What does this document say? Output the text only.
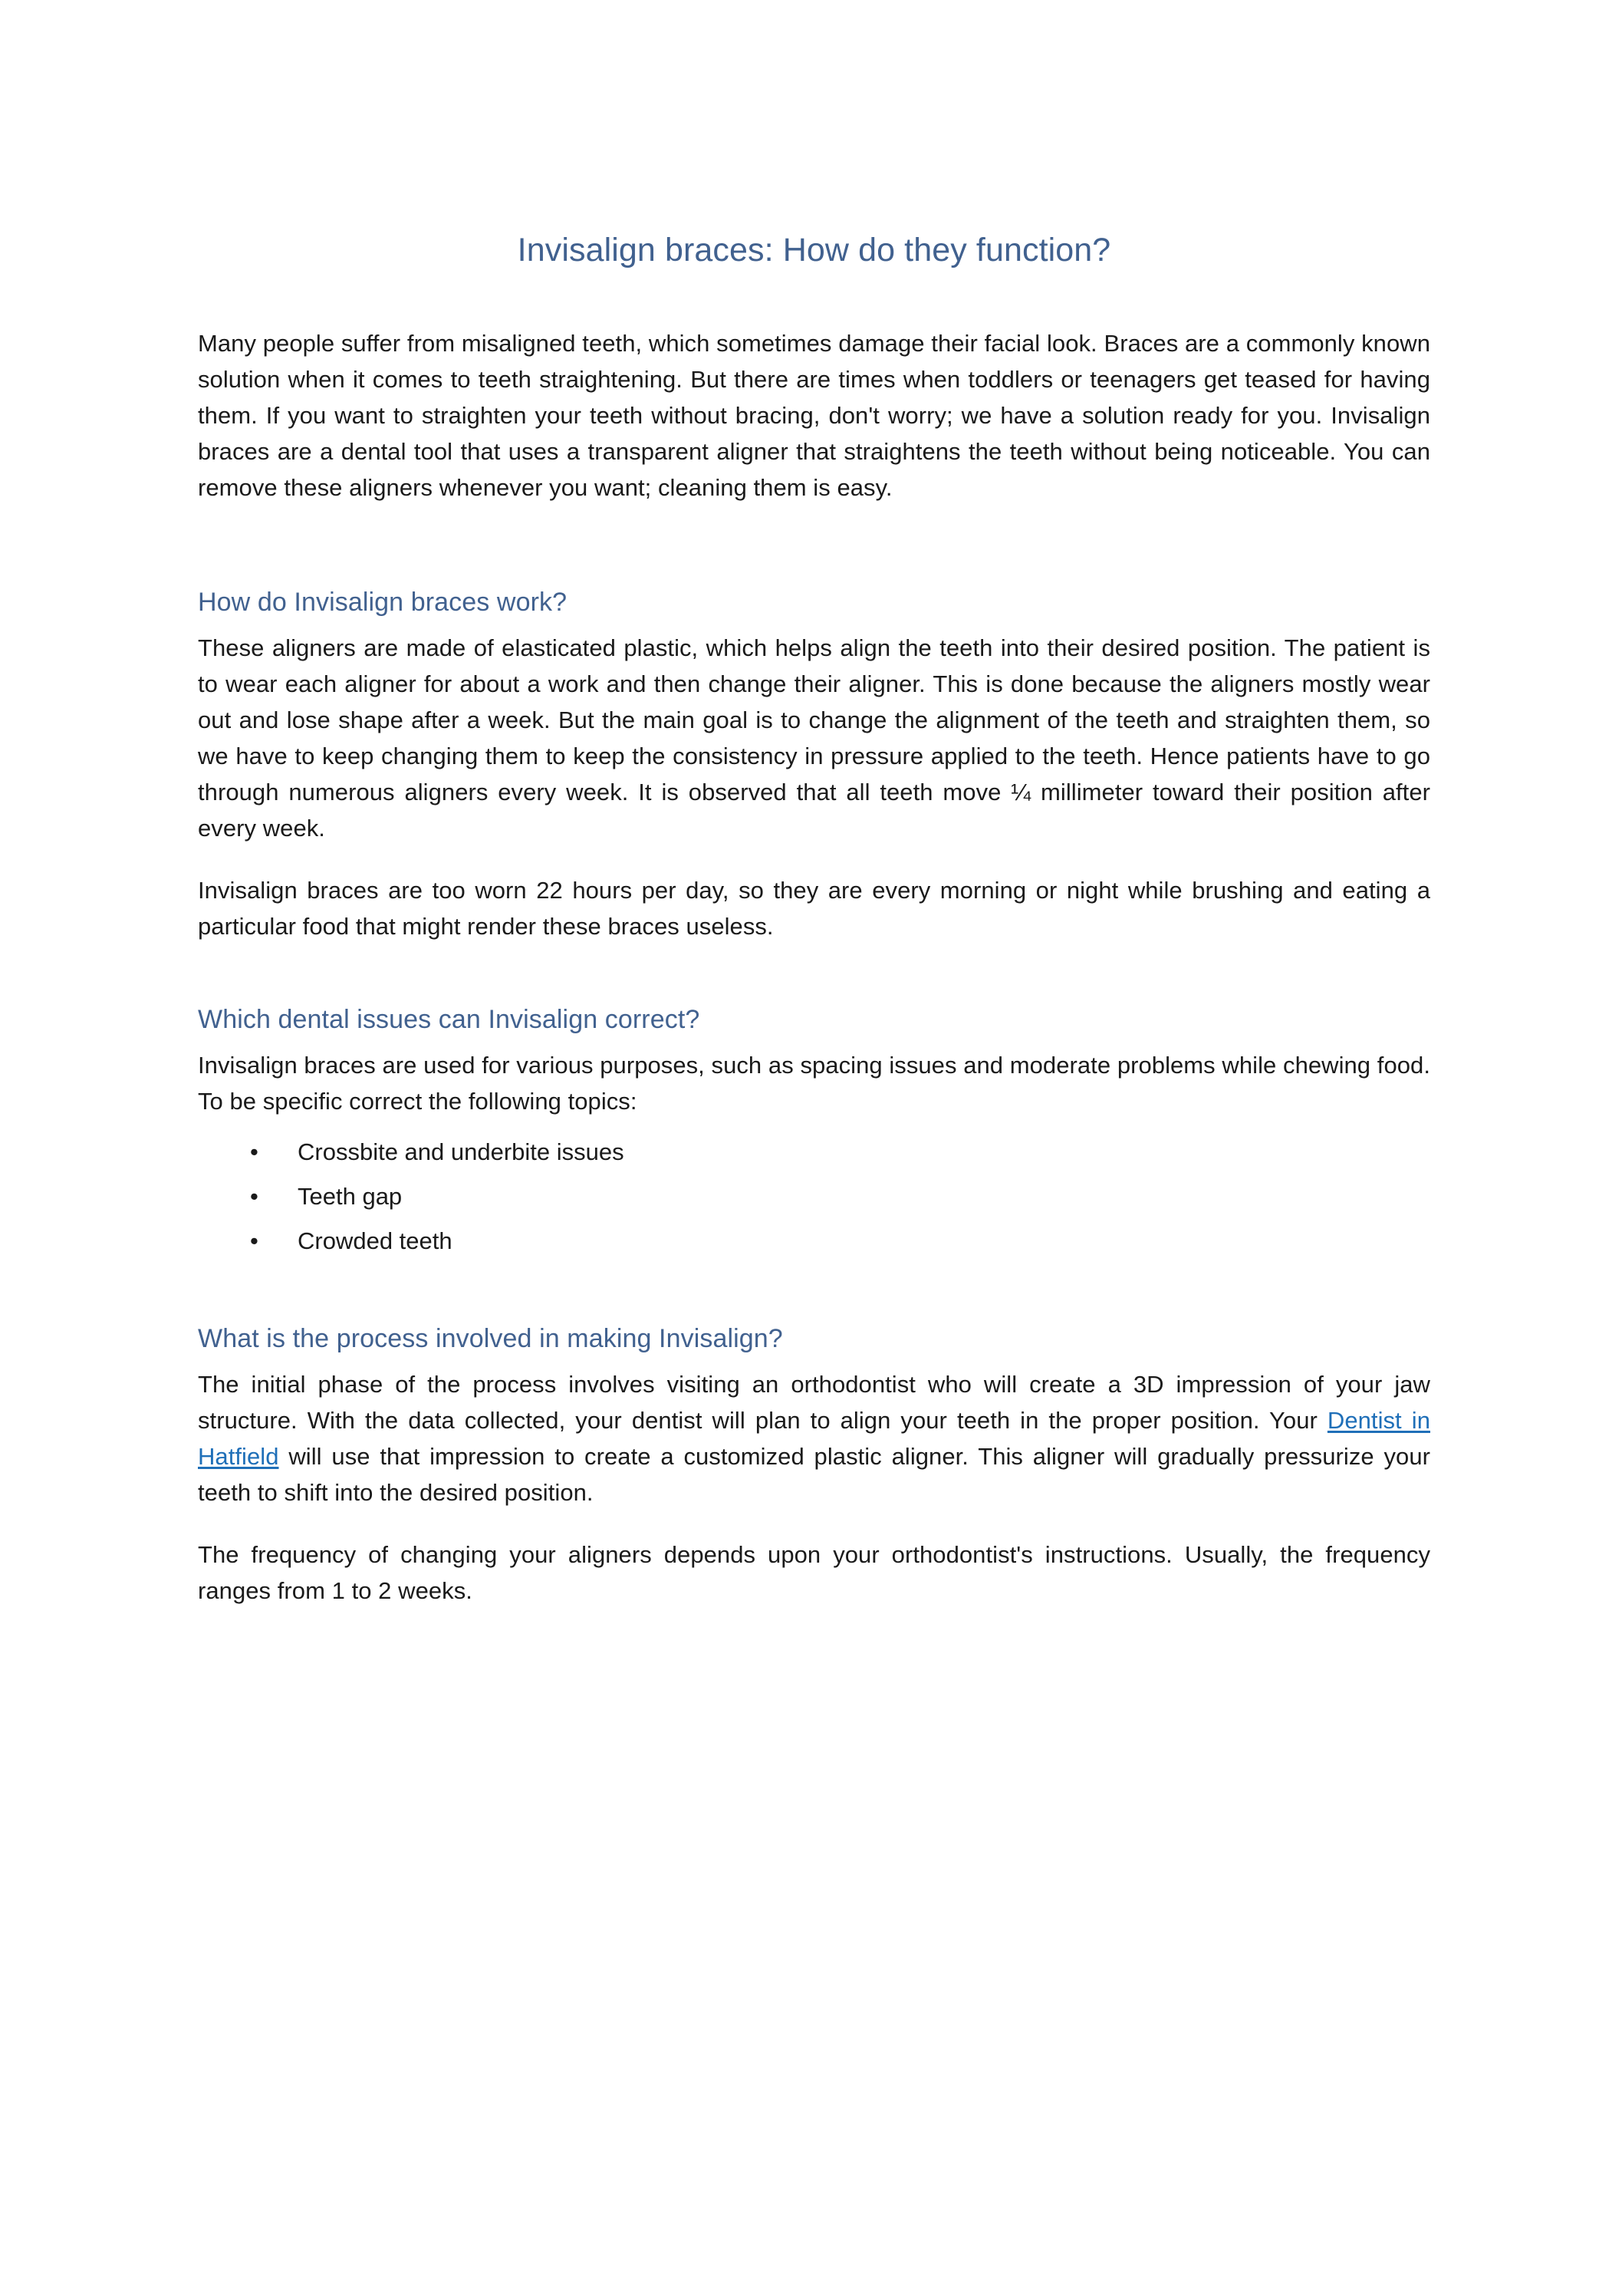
Invisalign braces: How do they function?

Many people suffer from misaligned teeth, which sometimes damage their facial look. Braces are a commonly known solution when it comes to teeth straightening. But there are times when toddlers or teenagers get teased for having them. If you want to straighten your teeth without bracing, don't worry; we have a solution ready for you. Invisalign braces are a dental tool that uses a transparent aligner that straightens the teeth without being noticeable. You can remove these aligners whenever you want; cleaning them is easy.

How do Invisalign braces work?

These aligners are made of elasticated plastic, which helps align the teeth into their desired position. The patient is to wear each aligner for about a work and then change their aligner. This is done because the aligners mostly wear out and lose shape after a week. But the main goal is to change the alignment of the teeth and straighten them, so we have to keep changing them to keep the consistency in pressure applied to the teeth. Hence patients have to go through numerous aligners every week. It is observed that all teeth move ¼ millimeter toward their position after every week.

Invisalign braces are too worn 22 hours per day, so they are every morning or night while brushing and eating a particular food that might render these braces useless.

Which dental issues can Invisalign correct?

Invisalign braces are used for various purposes, such as spacing issues and moderate problems while chewing food. To be specific correct the following topics:

• Crossbite and underbite issues
• Teeth gap
• Crowded teeth
What is the process involved in making Invisalign?

The initial phase of the process involves visiting an orthodontist who will create a 3D impression of your jaw structure. With the data collected, your dentist will plan to align your teeth in the proper position. Your Dentist in Hatfield will use that impression to create a customized plastic aligner. This aligner will gradually pressurize your teeth to shift into the desired position.

The frequency of changing your aligners depends upon your orthodontist's instructions. Usually, the frequency ranges from 1 to 2 weeks.
